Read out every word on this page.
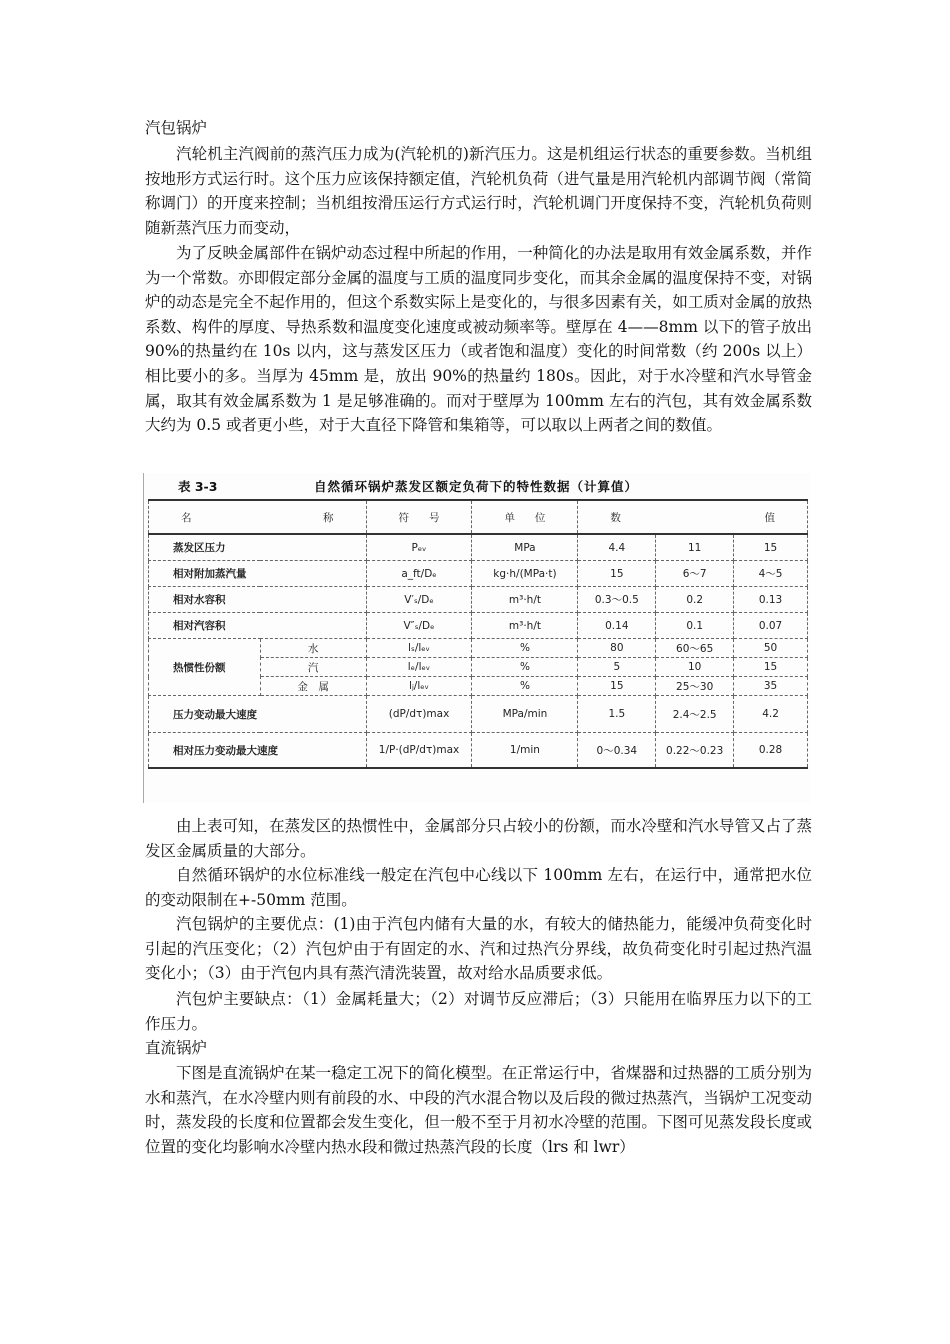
汽包锅炉

汽轮机主汽阀前的蒸汽压力成为(汽轮机的)新汽压力。这是机组运行状态的重要参数。当机组按地形方式运行时。这个压力应该保持额定值，汽轮机负荷（进气量是用汽轮机内部调节阀（常简称调门）的开度来控制；当机组按滑压运行方式运行时，汽轮机调门开度保持不变，汽轮机负荷则随新蒸汽压力而变动，

为了反映金属部件在锅炉动态过程中所起的作用，一种简化的办法是取用有效金属系数，并作为一个常数。亦即假定部分金属的温度与工质的温度同步变化，而其余金属的温度保持不变，对锅炉的动态是完全不起作用的，但这个系数实际上是变化的，与很多因素有关，如工质对金属的放热系数、构件的厚度、导热系数和温度变化速度或被动频率等。壁厚在 4——8mm 以下的管子放出 90%的热量约在 10s 以内，这与蒸发区压力（或者饱和温度）变化的时间常数（约 200s 以上）相比要小的多。当厚为 45mm 是，放出 90%的热量约 180s。因此，对于水冷壁和汽水导管金属，取其有效金属系数为 1 是足够准确的。而对于壁厚为 100mm 左右的汽包，其有效金属系数大约为 0.5 或者更小些，对于大直径下降管和集箱等，可以取以上两者之间的数值。

表 3-3	自然循环锅炉蒸发区额定负荷下的特性数据（计算值）
名 称		符 号	单 位	数 值		

蒸发区压力		Pₑᵥ	MPa	4.4	11	15
相对附加蒸汽量		a_ft/Dₑ	kg·h/(MPa·t)	15	6～7	4～5
相对水容积		V′ₛ/Dₑ	m³·h/t	0.3～0.5	0.2	0.13
相对汽容积		V″ₛ/Dₑ	m³·h/t	0.14	0.1	0.07
热惯性份额	水	lₛ/lₑᵥ	%	80	60～65	50
	汽	lₑ/lₑᵥ	%	5	10	15
	金　属	lⱼ/lₑᵥ	%	15	25～30	35
压力变动最大速度		(dP/dτ)max	MPa/min	1.5	2.4～2.5	4.2
相对压力变动最大速度		1/P·(dP/dτ)max	1/min	0～0.34	0.22～0.23	0.28

由上表可知，在蒸发区的热惯性中，金属部分只占较小的份额，而水冷壁和汽水导管又占了蒸发区金属质量的大部分。

自然循环锅炉的水位标准线一般定在汽包中心线以下 100mm 左右，在运行中，通常把水位的变动限制在+-50mm 范围。

汽包锅炉的主要优点：(1)由于汽包内储有大量的水，有较大的储热能力，能缓冲负荷变化时引起的汽压变化；（2）汽包炉由于有固定的水、汽和过热汽分界线，故负荷变化时引起过热汽温变化小；（3）由于汽包内具有蒸汽清洗装置，故对给水品质要求低。

汽包炉主要缺点：（1）金属耗量大；（2）对调节反应滞后；（3）只能用在临界压力以下的工作压力。

直流锅炉

下图是直流锅炉在某一稳定工况下的简化模型。在正常运行中，省煤器和过热器的工质分别为水和蒸汽，在水冷壁内则有前段的水、中段的汽水混合物以及后段的微过热蒸汽，当锅炉工况变动时，蒸发段的长度和位置都会发生变化，但一般不至于月初水冷壁的范围。下图可见蒸发段长度或位置的变化均影响水冷壁内热水段和微过热蒸汽段的长度（lrs 和 lwr）
